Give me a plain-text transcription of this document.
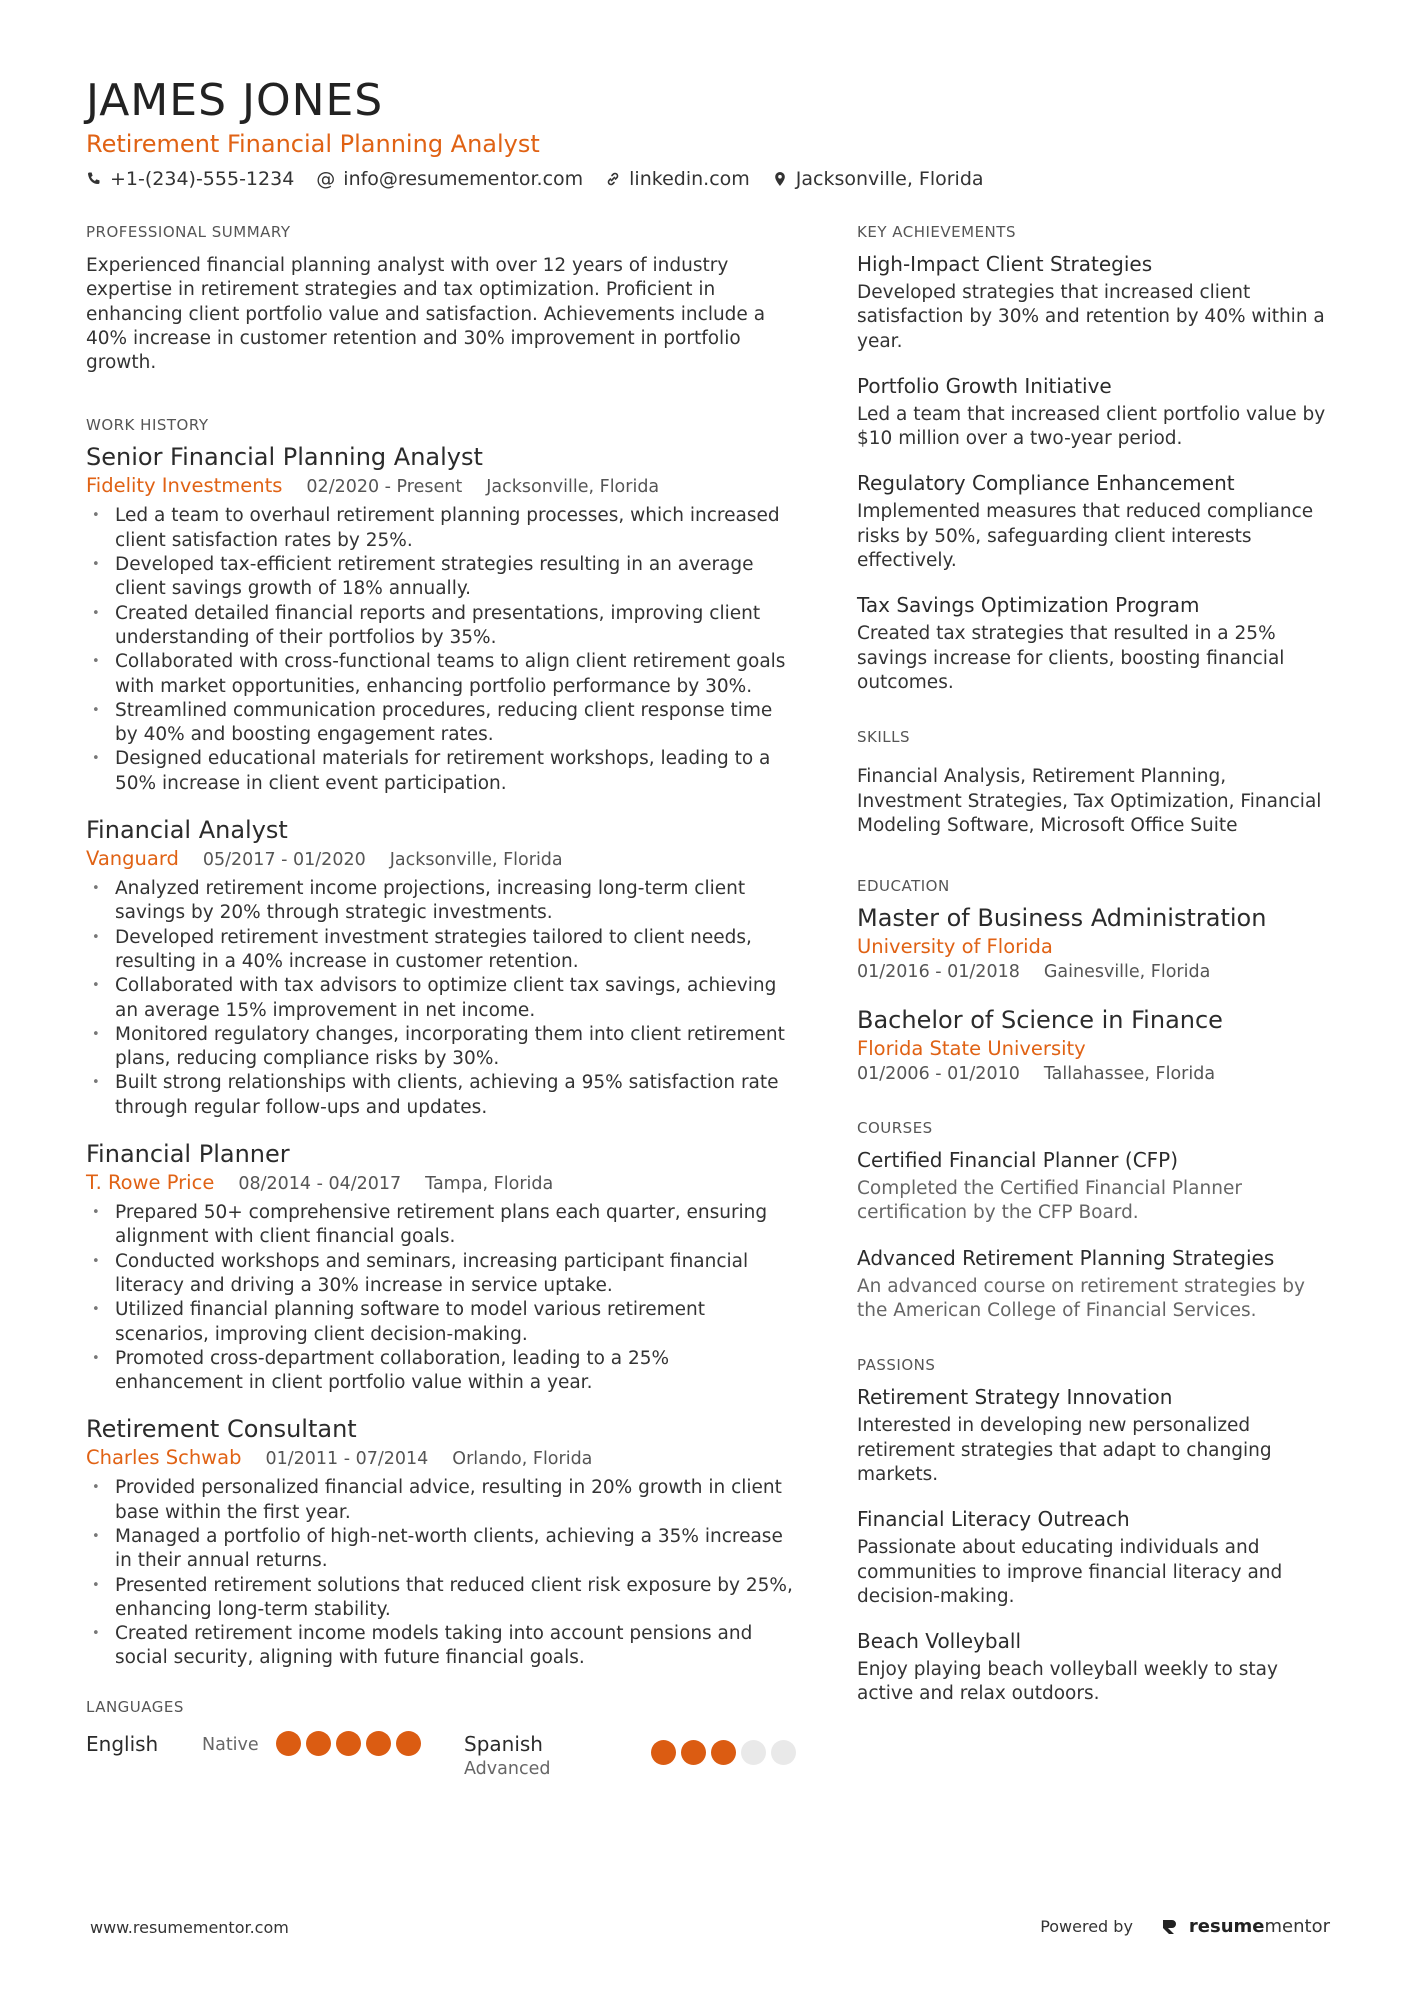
JAMES JONES
Retirement Financial Planning Analyst
+1-(234)-555-1234 @ info@resumementor.com linkedin.com Jacksonville, Florida
PROFESSIONAL SUMMARY
Experienced financial planning analyst with over 12 years of industry expertise in retirement strategies and tax optimization. Proficient in enhancing client portfolio value and satisfaction. Achievements include a 40% increase in customer retention and 30% improvement in portfolio growth.
WORK HISTORY
Senior Financial Planning Analyst
Fidelity Investments 02/2020 - Present Jacksonville, Florida
• Led a team to overhaul retirement planning processes, which increased client satisfaction rates by 25%.
• Developed tax-efficient retirement strategies resulting in an average client savings growth of 18% annually.
• Created detailed financial reports and presentations, improving client understanding of their portfolios by 35%.
• Collaborated with cross-functional teams to align client retirement goals with market opportunities, enhancing portfolio performance by 30%.
• Streamlined communication procedures, reducing client response time by 40% and boosting engagement rates.
• Designed educational materials for retirement workshops, leading to a 50% increase in client event participation.
Financial Analyst
Vanguard 05/2017 - 01/2020 Jacksonville, Florida
• Analyzed retirement income projections, increasing long-term client savings by 20% through strategic investments.
• Developed retirement investment strategies tailored to client needs, resulting in a 40% increase in customer retention.
• Collaborated with tax advisors to optimize client tax savings, achieving an average 15% improvement in net income.
• Monitored regulatory changes, incorporating them into client retirement plans, reducing compliance risks by 30%.
• Built strong relationships with clients, achieving a 95% satisfaction rate through regular follow-ups and updates.
Financial Planner
T. Rowe Price 08/2014 - 04/2017 Tampa, Florida
• Prepared 50+ comprehensive retirement plans each quarter, ensuring alignment with client financial goals.
• Conducted workshops and seminars, increasing participant financial literacy and driving a 30% increase in service uptake.
• Utilized financial planning software to model various retirement scenarios, improving client decision-making.
• Promoted cross-department collaboration, leading to a 25% enhancement in client portfolio value within a year.
Retirement Consultant
Charles Schwab 01/2011 - 07/2014 Orlando, Florida
• Provided personalized financial advice, resulting in 20% growth in client base within the first year.
• Managed a portfolio of high-net-worth clients, achieving a 35% increase in their annual returns.
• Presented retirement solutions that reduced client risk exposure by 25%, enhancing long-term stability.
• Created retirement income models taking into account pensions and social security, aligning with future financial goals.
LANGUAGES
English	Native	Spanish
Advanced
KEY ACHIEVEMENTS
High-Impact Client Strategies
Developed strategies that increased client satisfaction by 30% and retention by 40% within a year.
Portfolio Growth Initiative
Led a team that increased client portfolio value by $10 million over a two-year period.
Regulatory Compliance Enhancement
Implemented measures that reduced compliance risks by 50%, safeguarding client interests effectively.
Tax Savings Optimization Program
Created tax strategies that resulted in a 25% savings increase for clients, boosting financial outcomes.
SKILLS
Financial Analysis, Retirement Planning, Investment Strategies, Tax Optimization, Financial Modeling Software, Microsoft Office Suite
EDUCATION
Master of Business Administration
University of Florida
01/2016 - 01/2018 Gainesville, Florida
Bachelor of Science in Finance
Florida State University
01/2006 - 01/2010 Tallahassee, Florida
COURSES
Certified Financial Planner (CFP)
Completed the Certified Financial Planner certification by the CFP Board.
Advanced Retirement Planning Strategies
An advanced course on retirement strategies by the American College of Financial Services.
PASSIONS
Retirement Strategy Innovation
Interested in developing new personalized retirement strategies that adapt to changing markets.
Financial Literacy Outreach
Passionate about educating individuals and communities to improve financial literacy and decision-making.
Beach Volleyball
Enjoy playing beach volleyball weekly to stay active and relax outdoors.
www.resumementor.com	Powered by	resumementor
